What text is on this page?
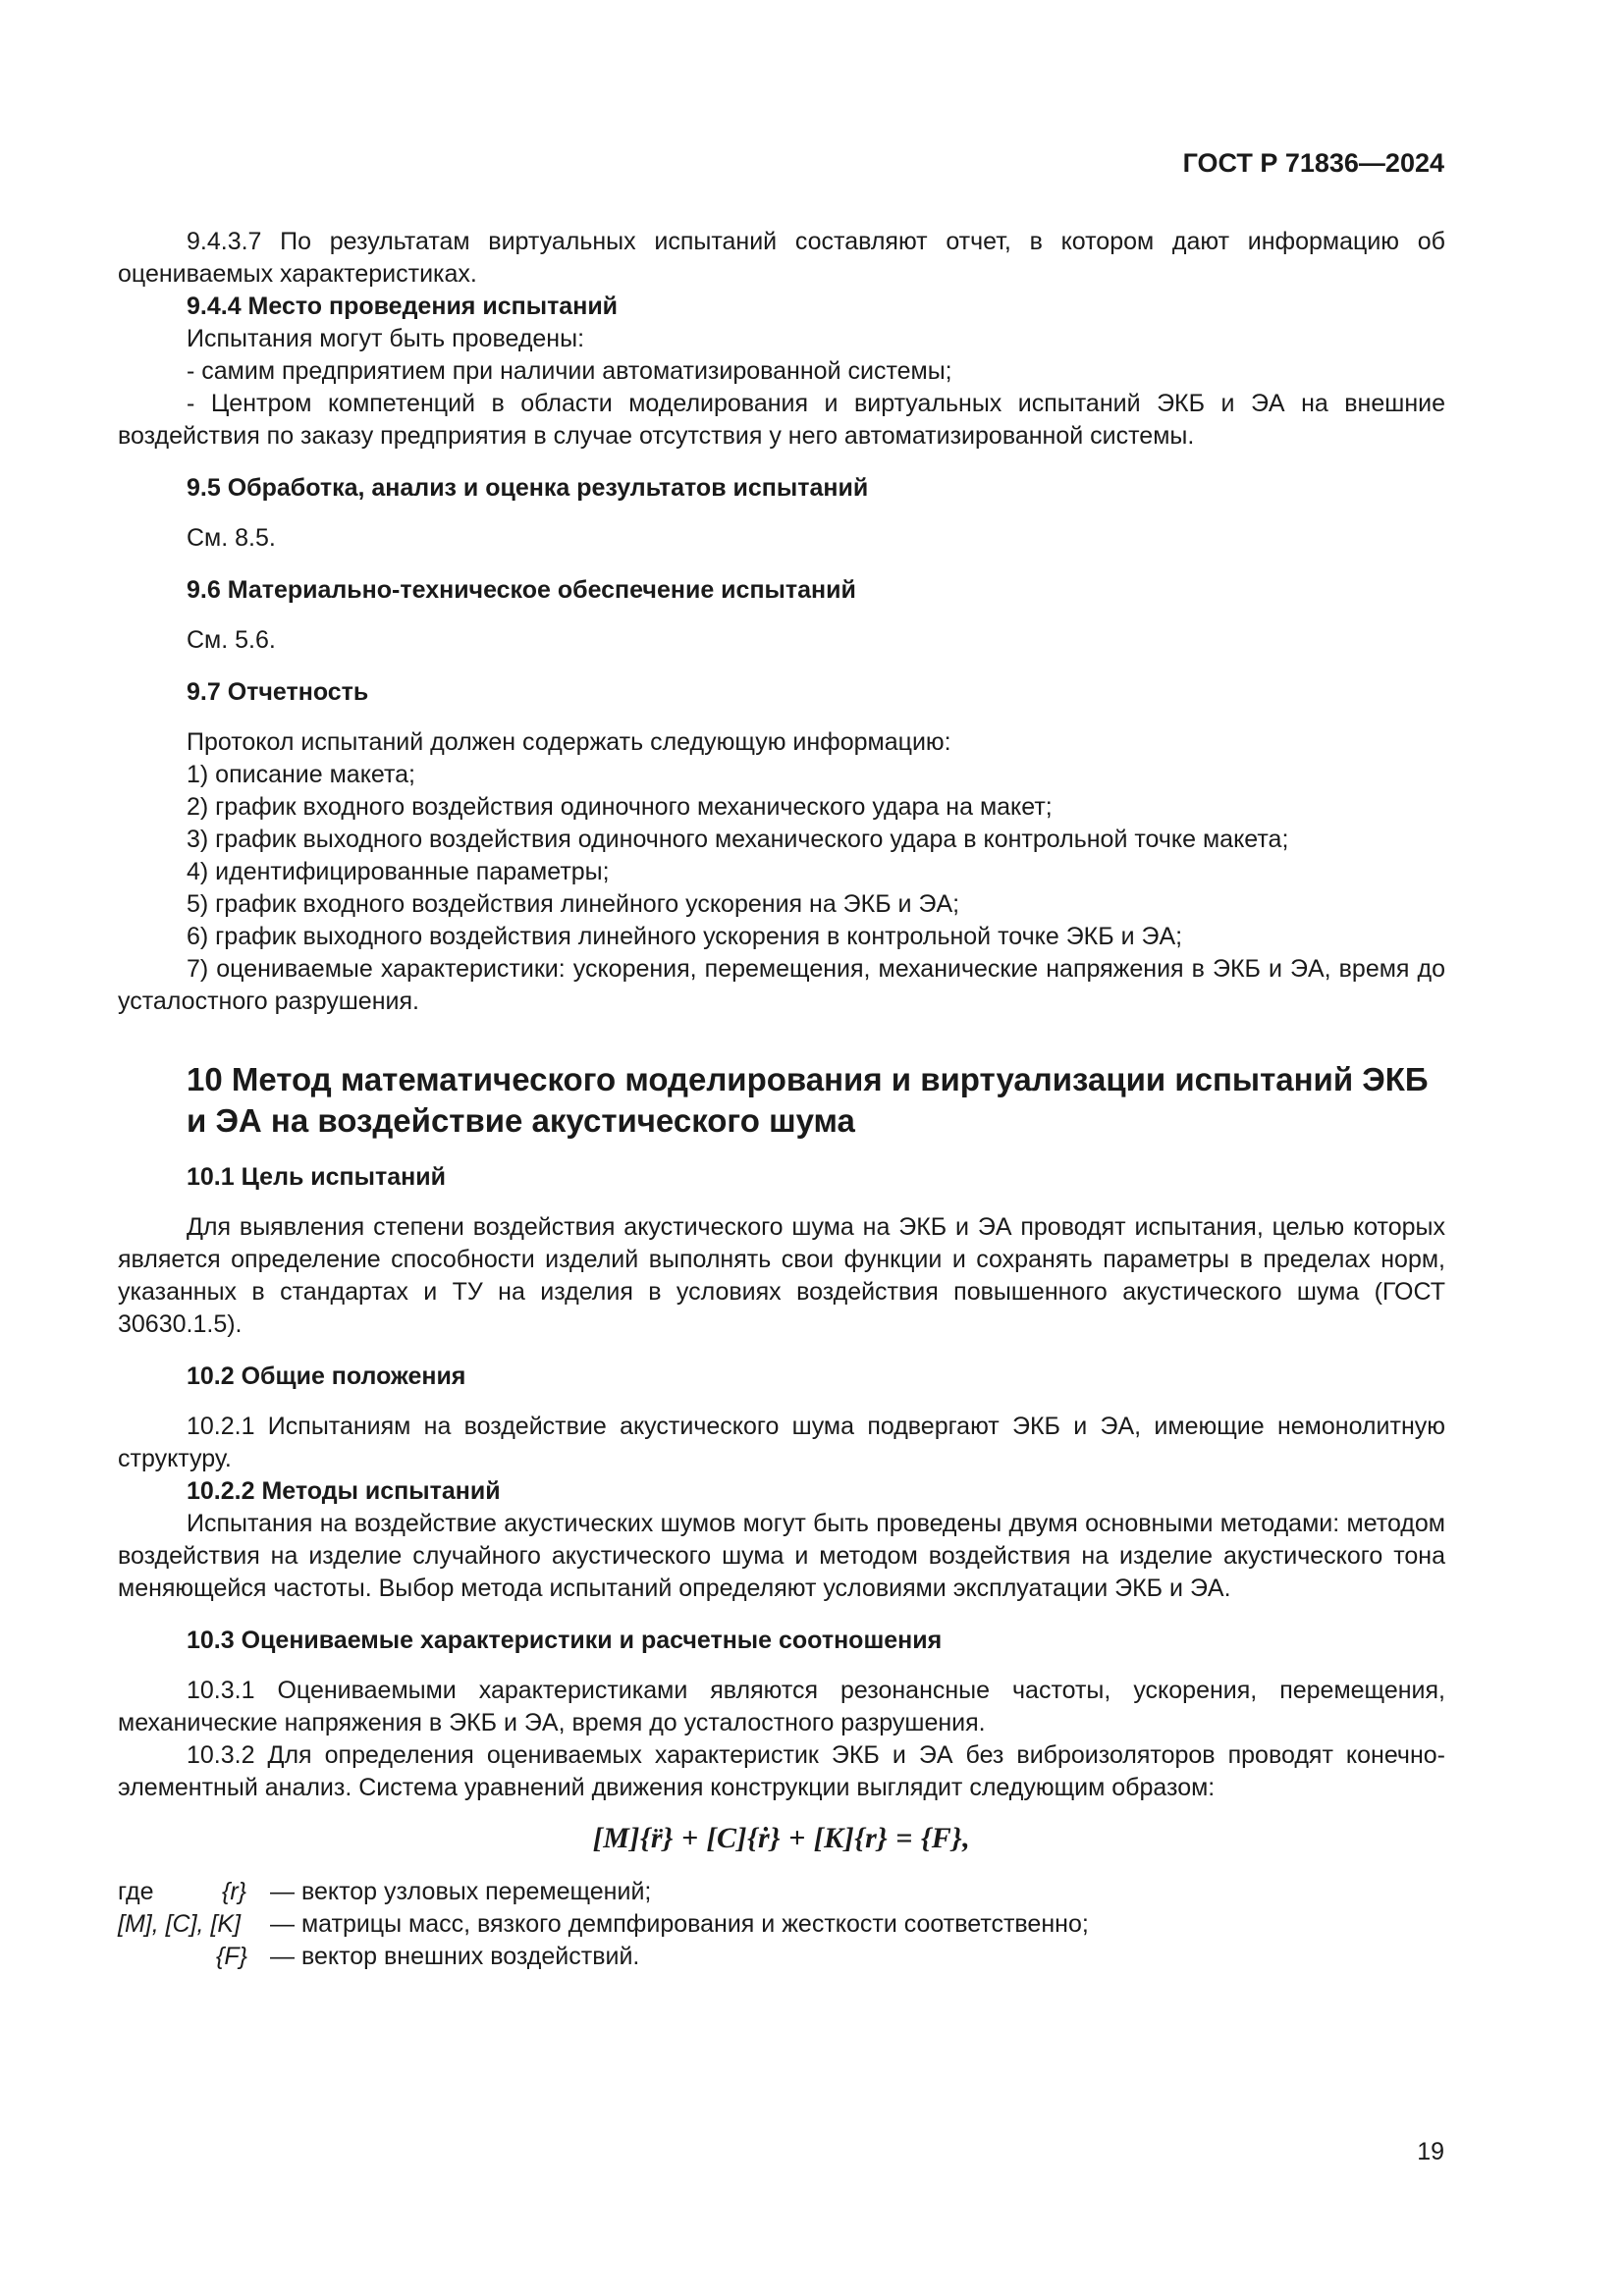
ГОСТ Р 71836—2024

9.4.3.7 По результатам виртуальных испытаний составляют отчет, в котором дают информацию об оцениваемых характеристиках.

9.4.4 Место проведения испытаний

Испытания могут быть проведены:

- самим предприятием при наличии автоматизированной системы;

- Центром компетенций в области моделирования и виртуальных испытаний ЭКБ и ЭА на внешние воздействия по заказу предприятия в случае отсутствия у него автоматизированной системы.

9.5 Обработка, анализ и оценка результатов испытаний

См. 8.5.

9.6 Материально-техническое обеспечение испытаний

См. 5.6.

9.7 Отчетность

Протокол испытаний должен содержать следующую информацию:

1) описание макета;

2) график входного воздействия одиночного механического удара на макет;

3) график выходного воздействия одиночного механического удара в контрольной точке макета;

4) идентифицированные параметры;

5) график входного воздействия линейного ускорения на ЭКБ и ЭА;

6) график выходного воздействия линейного ускорения в контрольной точке ЭКБ и ЭА;

7) оцениваемые характеристики: ускорения, перемещения, механические напряжения в ЭКБ и ЭА, время до усталостного разрушения.

10 Метод математического моделирования и виртуализации испытаний ЭКБ и ЭА на воздействие акустического шума
10.1 Цель испытаний

Для выявления степени воздействия акустического шума на ЭКБ и ЭА проводят испытания, целью которых является определение способности изделий выполнять свои функции и сохранять параметры в пределах норм, указанных в стандартах и ТУ на изделия в условиях воздействия повышенного акустического шума (ГОСТ 30630.1.5).

10.2 Общие положения

10.2.1 Испытаниям на воздействие акустического шума подвергают ЭКБ и ЭА, имеющие немонолитную структуру.

10.2.2 Методы испытаний

Испытания на воздействие акустических шумов могут быть проведены двумя основными методами: методом воздействия на изделие случайного акустического шума и методом воздействия на изделие акустического тона меняющейся частоты. Выбор метода испытаний определяют условиями эксплуатации ЭКБ и ЭА.

10.3 Оцениваемые характеристики и расчетные соотношения

10.3.1 Оцениваемыми характеристиками являются резонансные частоты, ускорения, перемещения, механические напряжения в ЭКБ и ЭА, время до усталостного разрушения.

10.3.2 Для определения оцениваемых характеристик ЭКБ и ЭА без виброизоляторов проводят конечно-элементный анализ. Система уравнений движения конструкции выглядит следующим образом:

[M]{r̈} + [C]{ṙ} + [K]{r} = {F},
где	{r} — вектор узловых перемещений;
[M], [C], [K] — матрицы масс, вязкого демпфирования и жесткости соответственно;
{F} — вектор внешних воздействий.
19
